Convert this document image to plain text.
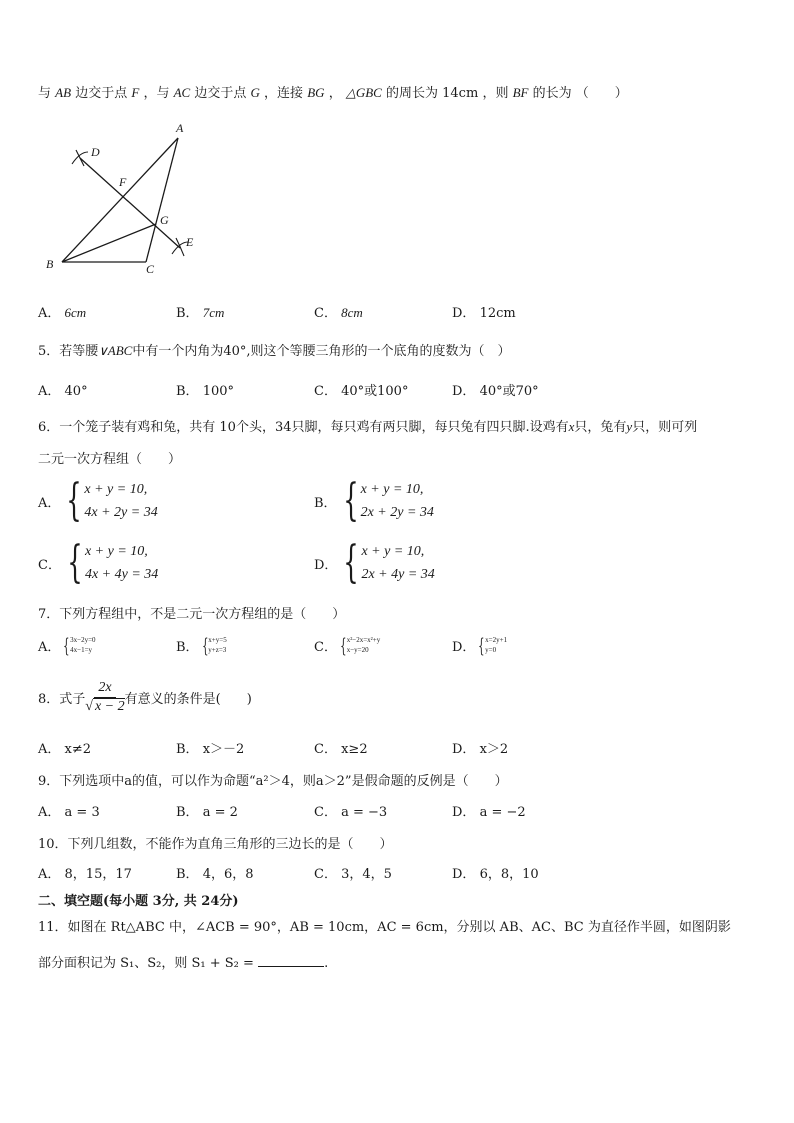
与 AB 边交于点 F ，与 AC 边交于点 G ，连接 BG ， △GBC 的周长为 14cm ，则 BF 的长为 （　　）
A
B	C
D
E
F
G
A． 6cm	B． 7cm	C． 8cm	D． 12cm
5．若等腰∨ABC中有一个内角为40°,则这个等腰三角形的一个底角的度数为（　）
A． 40°	B． 100°	C． 40°或100°	D． 40°或70°
6．一个笼子装有鸡和兔，共有 10个头，34只脚，每只鸡有两只脚，每只兔有四只脚.设鸡有x只，兔有y只，则可列
二元一次方程组（　　）
A． { x + y = 10,
4x + 2y = 34
B． { x + y = 10,
2x + 2y = 34
C． { x + y = 10,
4x + 4y = 34
D． { x + y = 10,
2x + 4y = 34
7．下列方程组中，不是二元一次方程组的是（　　）
A． { 3x−2y=0
4x−1=y	B． { x+y=5
y+z=3	C． { x²−2x=x²+y
x−y=20	D． { x=2y+1
y=0
8．式子 $\frac{2x}{√ x - 2}$ 有意义的条件是(　　)
A． x≠2	B． x＞－2	C． x≥2	D． x＞2
9．下列选项中a的值，可以作为命题“a²＞4，则a＞2”是假命题的反例是（　　）
A． a = 3	B． a = 2	C． a = −3	D． a = −2
10．下列几组数，不能作为直角三角形的三边长的是（　　）
A． 8，15，17	B． 4，6，8	C． 3，4，5	D． 6，8，10
二、填空题(每小题 3分, 共 24分)
11．如图在 Rt△ABC 中，∠ACB = 90°，AB = 10cm，AC = 6cm，分别以 AB、AC、BC 为直径作半圆，如图阴影
部分面积记为 S₁、S₂，则 S₁ + S₂ =	.
